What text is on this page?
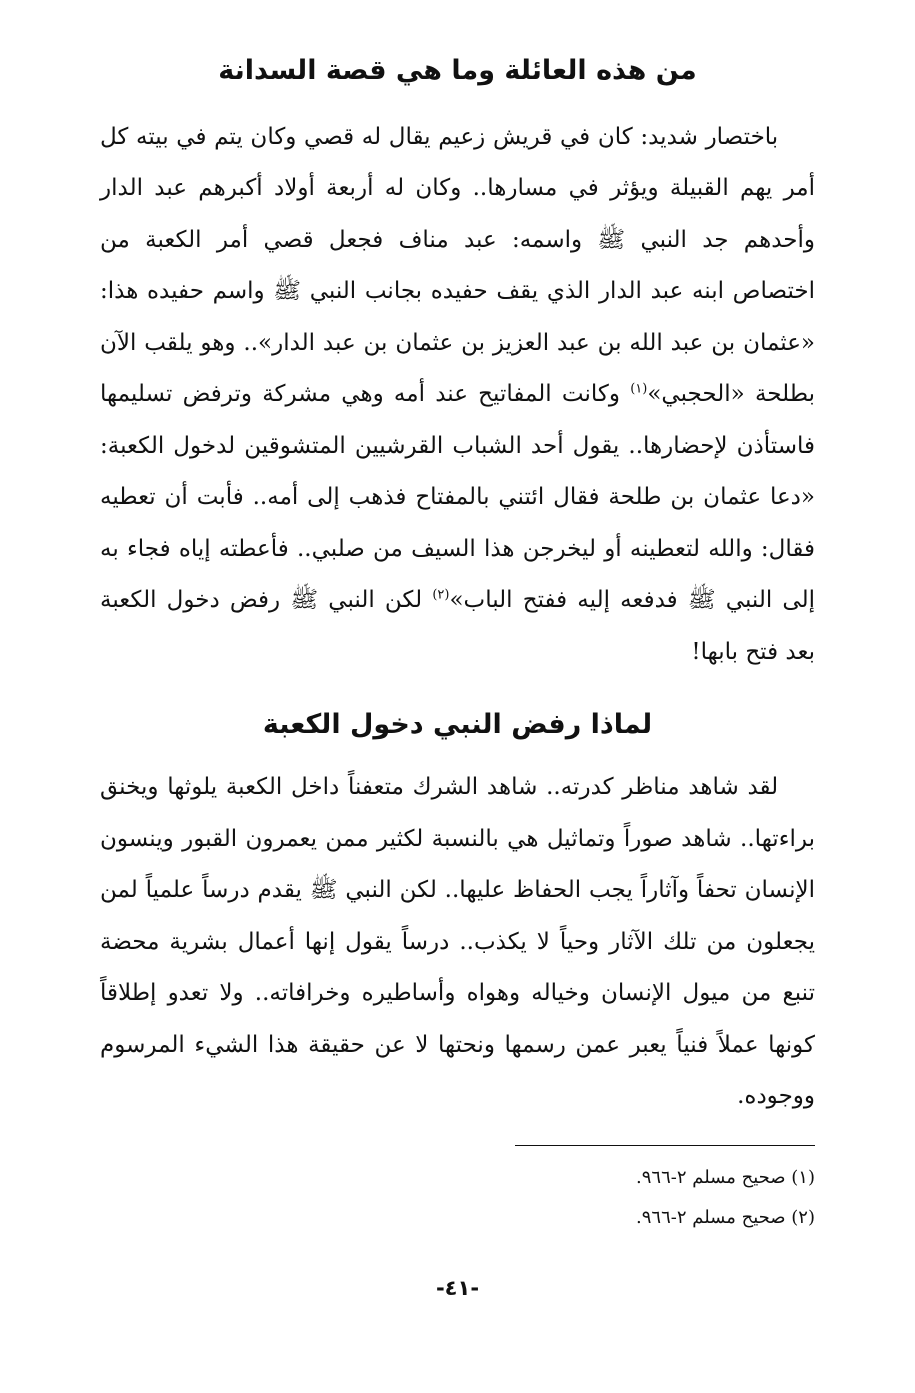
من هذه العائلة وما هي قصة السدانة

باختصار شديد: كان في قريش زعيم يقال له قصي وكان يتم في بيته كل أمر يهم القبيلة ويؤثر في مسارها.. وكان له أربعة أولاد أكبرهم عبد الدار وأحدهم جد النبي ﷺ واسمه: عبد مناف فجعل قصي أمر الكعبة من اختصاص ابنه عبد الدار الذي يقف حفيده بجانب النبي ﷺ واسم حفيده هذا: «عثمان بن عبد الله بن عبد العزيز بن عثمان بن عبد الدار».. وهو يلقب الآن بطلحة «الحجبي»$^{(١)}$ وكانت المفاتيح عند أمه وهي مشركة وترفض تسليمها فاستأذن لإحضارها.. يقول أحد الشباب القرشيين المتشوقين لدخول الكعبة: «دعا عثمان بن طلحة فقال ائتني بالمفتاح فذهب إلى أمه.. فأبت أن تعطيه فقال: والله لتعطينه أو ليخرجن هذا السيف من صلبي.. فأعطته إياه فجاء به إلى النبي ﷺ فدفعه إليه ففتح الباب»$^{(٢)}$ لكن النبي ﷺ رفض دخول الكعبة بعد فتح بابها!

لماذا رفض النبي دخول الكعبة

لقد شاهد مناظر كدرته.. شاهد الشرك متعفناً داخل الكعبة يلوثها ويخنق براءتها.. شاهد صوراً وتماثيل هي بالنسبة لكثير ممن يعمرون القبور وينسون الإنسان تحفاً وآثاراً يجب الحفاظ عليها.. لكن النبي ﷺ يقدم درساً علمياً لمن يجعلون من تلك الآثار وحياً لا يكذب.. درساً يقول إنها أعمال بشرية محضة تنبع من ميول الإنسان وخياله وهواه وأساطيره وخرافاته.. ولا تعدو إطلاقاً كونها عملاً فنياً يعبر عمن رسمها ونحتها لا عن حقيقة هذا الشيء المرسوم ووجوده.

(١) صحيح مسلم ٢-٩٦٦.

(٢) صحيح مسلم ٢-٩٦٦.

-٤١-
